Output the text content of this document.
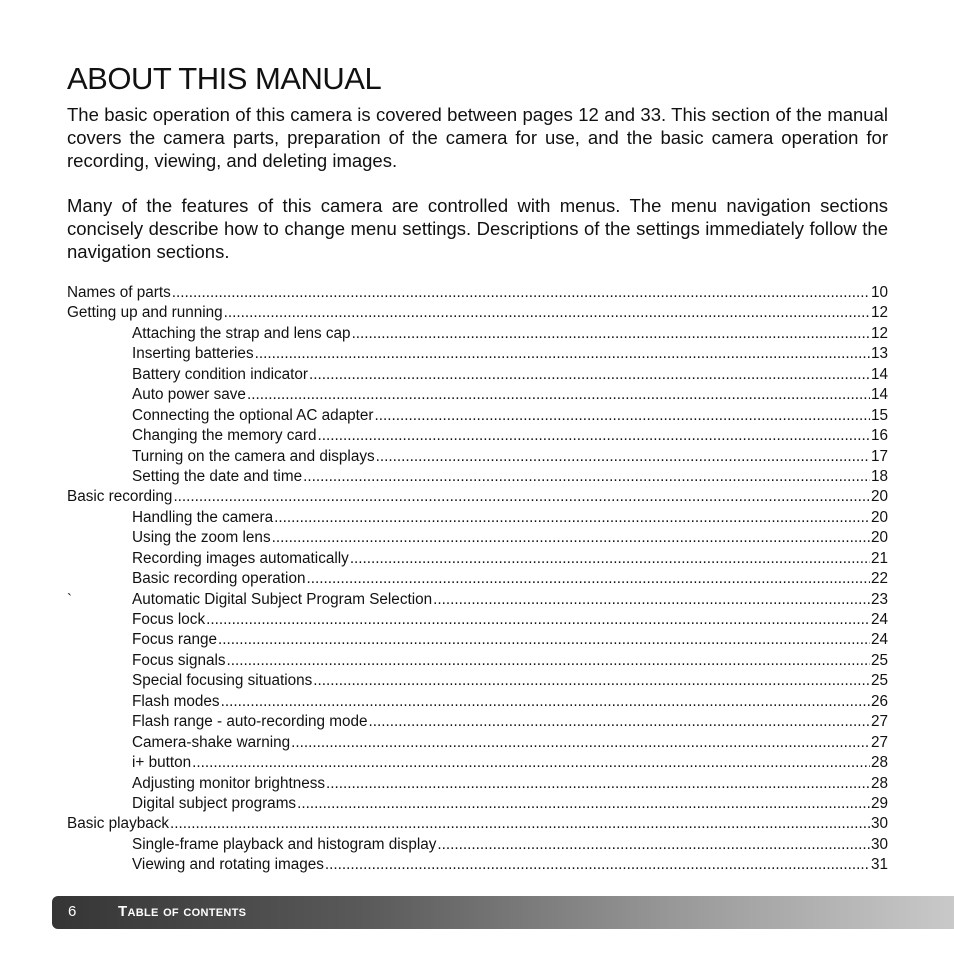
ABOUT THIS MANUAL

The basic operation of this camera is covered between pages 12 and 33. This section of the manual covers the camera parts, preparation of the camera for use, and the basic camera operation for recording, viewing, and deleting images.

Many of the features of this camera are controlled with menus. The menu navigation sections concisely describe how to change menu settings. Descriptions of the settings immediately follow the navigation sections.

Names of parts .....	10
Getting up and running .....	12
Attaching the strap and lens cap .....	12
Inserting batteries .....	13
Battery condition indicator .....	14
Auto power save .....	14
Connecting the optional AC adapter .....	15
Changing the memory card .....	16
Turning on the camera and displays .....	17
Setting the date and time .....	18
Basic recording .....	20
Handling the camera .....	20
Using the zoom lens .....	20
Recording images automatically .....	21
Basic recording operation .....	22
`	Automatic Digital Subject Program Selection .....	23
Focus lock .....	24
Focus range .....	24
Focus signals .....	25
Special focusing situations .....	25
Flash modes .....	26
Flash range - auto-recording mode .....	27
Camera-shake warning .....	27
i+ button .....	28
Adjusting monitor brightness .....	28
Digital subject programs .....	29
Basic playback .....	30
Single-frame playback and histogram display .....	30
Viewing and rotating images .....	31
6	Table of contents
